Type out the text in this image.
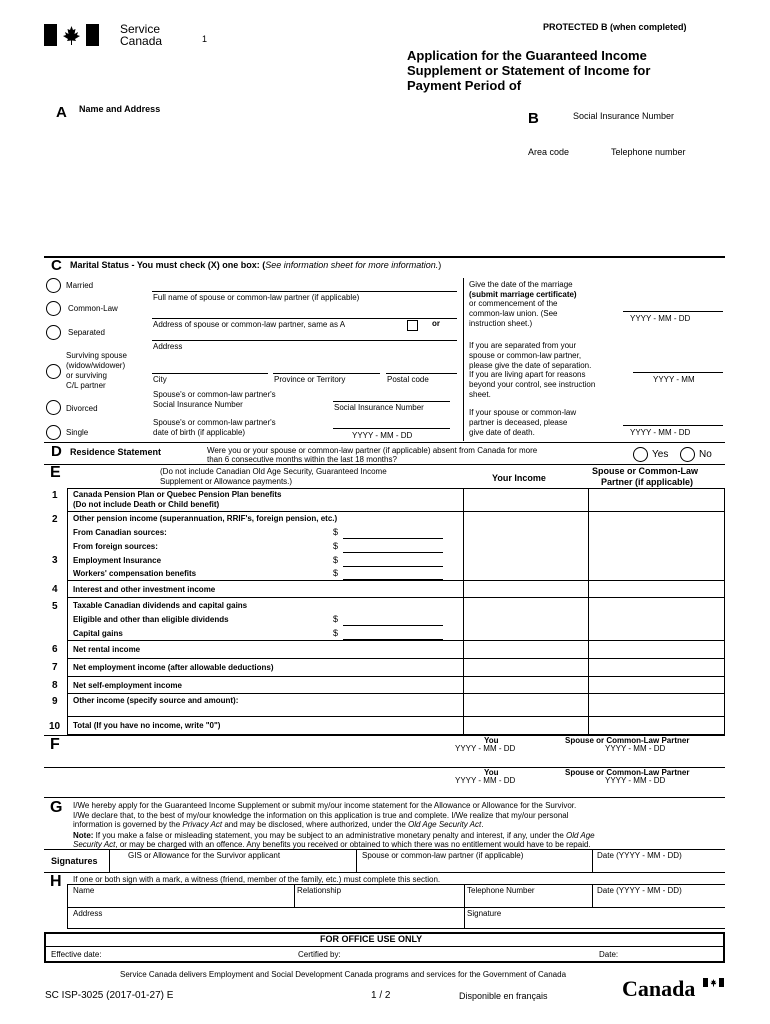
Service
Canada	1
PROTECTED B (when completed)
Application for the Guaranteed Income
Supplement or Statement of Income for
Payment Period of
A Name and Address
B	Social Insurance Number
Area code	Telephone number
C Marital Status - You must check (X) one box: (See information sheet for more information.)
Married
Common-Law
Separated
Surviving spouse
(widow/widower)
or surviving
C/L partner
Divorced
Single
Full name of spouse or common-law partner (if applicable)
Address of spouse or common-law partner, same as A	or
Address
City	Province or Territory	Postal code
Spouse's or common-law partner's
Social Insurance Number	Social Insurance Number
Spouse's or common-law partner's
date of birth (if applicable)	YYYY - MM - DD
Give the date of the marriage
(submit marriage certificate)
or commencement of the
common-law union. (See
instruction sheet.)
YYYY - MM - DD
If you are separated from your
spouse or common-law partner,
please give the date of separation.
If you are living apart for reasons
beyond your control, see instruction
sheet.
YYYY - MM
If your spouse or common-law
partner is deceased, please
give date of death.	YYYY - MM - DD
D Residence Statement	Were you or your spouse or common-law partner (if applicable) absent from Canada for more
than 6 consecutive months within the last 18 months?	Yes	No
E	(Do not include Canadian Old Age Security, Guaranteed Income
Supplement or Allowance payments.)	Your Income
Spouse or Common-Law
Partner (if applicable)
1 Canada Pension Plan or Quebec Pension Plan benefits
(Do not include Death or Child benefit)
2 Other pension income (superannuation, RRIF's, foreign pension, etc.)
From Canadian sources:	$
From foreign sources:	$
3 Employment Insurance	$
Workers' compensation benefits	$
4 Interest and other investment income
5 Taxable Canadian dividends and capital gains
Eligible and other than eligible dividends	$
Capital gains	$
6 Net rental income
7 Net employment income (after allowable deductions)
8 Net self-employment income
9 Other income (specify source and amount):
10 Total (If you have no income, write "0")
F	You
YYYY - MM - DD
Spouse or Common-Law Partner
YYYY - MM - DD
You
YYYY - MM - DD
Spouse or Common-Law Partner
YYYY - MM - DD
G I/We hereby apply for the Guaranteed Income Supplement or submit my/our income statement for the Allowance or Allowance for the Survivor.
I/We declare that, to the best of my/our knowledge the information on this application is true and complete. I/We realize that my/our personal
information is governed by the Privacy Act and may be disclosed, where authorized, under the Old Age Security Act.
Note: If you make a false or misleading statement, you may be subject to an administrative monetary penalty and interest, if any, under the Old Age
Security Act, or may be charged with an offence. Any benefits you received or obtained to which there was no entitlement would have to be repaid.
Signatures
GIS or Allowance for the Survivor applicant	Spouse or common-law partner (if applicable)	Date (YYYY - MM - DD)
H If one or both sign with a mark, a witness (friend, member of the family, etc.) must complete this section.
Name	Relationship	Telephone Number	Date (YYYY - MM - DD)
Address	Signature
FOR OFFICE USE ONLY
Effective date:	Certified by:	Date:
Service Canada delivers Employment and Social Development Canada programs and services for the Government of Canada
SC ISP-3025 (2017-01-27) E	1 / 2	Disponible en français	Canada
